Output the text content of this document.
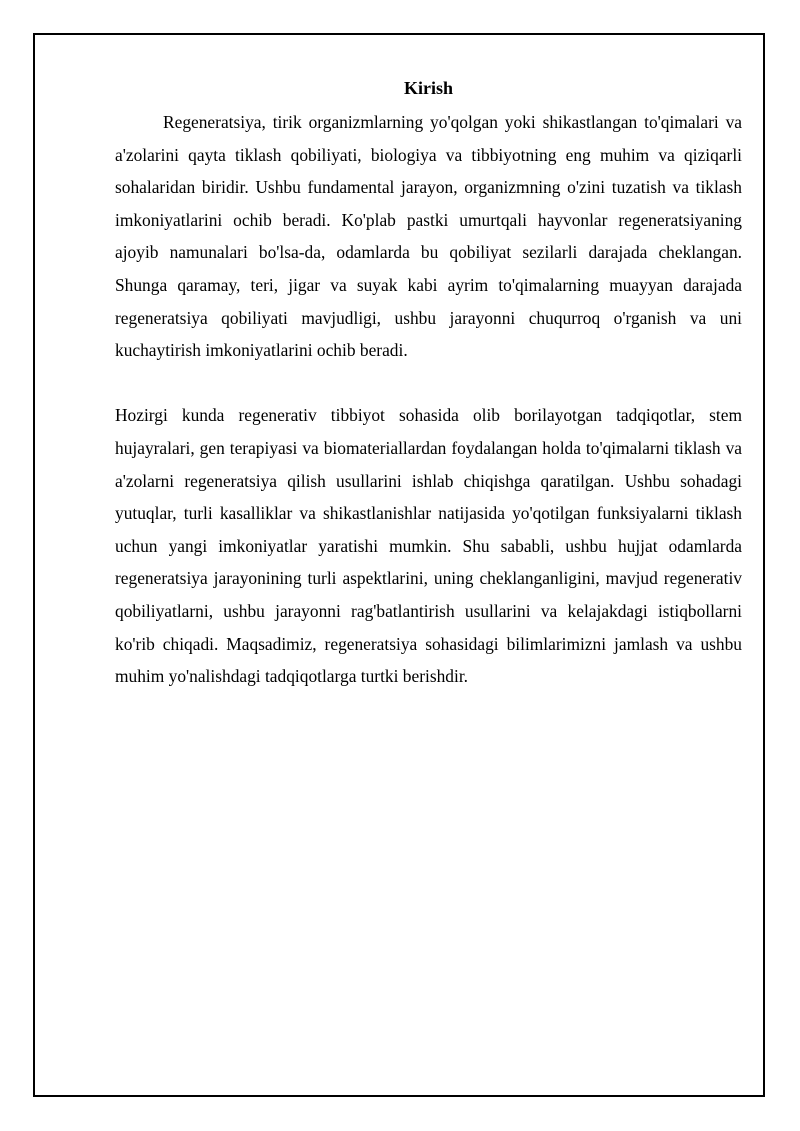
Kirish

Regeneratsiya, tirik organizmlarning yo'qolgan yoki shikastlangan to'qimalari va a'zolarini qayta tiklash qobiliyati, biologiya va tibbiyotning eng muhim va qiziqarli sohalaridan biridir. Ushbu fundamental jarayon, organizmning o'zini tuzatish va tiklash imkoniyatlarini ochib beradi. Ko'plab pastki umurtqali hayvonlar regeneratsiyaning ajoyib namunalari bo'lsa-da, odamlarda bu qobiliyat sezilarli darajada cheklangan. Shunga qaramay, teri, jigar va suyak kabi ayrim to'qimalarning muayyan darajada regeneratsiya qobiliyati mavjudligi, ushbu jarayonni chuqurroq o'rganish va uni kuchaytirish imkoniyatlarini ochib beradi.

Hozirgi kunda regenerativ tibbiyot sohasida olib borilayotgan tadqiqotlar, stem hujayralari, gen terapiyasi va biomateriallardan foydalangan holda to'qimalarni tiklash va a'zolarni regeneratsiya qilish usullarini ishlab chiqishga qaratilgan. Ushbu sohadagi yutuqlar, turli kasalliklar va shikastlanishlar natijasida yo'qotilgan funksiyalarni tiklash uchun yangi imkoniyatlar yaratishi mumkin. Shu sababli, ushbu hujjat odamlarda regeneratsiya jarayonining turli aspektlarini, uning cheklanganligini, mavjud regenerativ qobiliyatlarni, ushbu jarayonni rag'batlantirish usullarini va kelajakdagi istiqbollarni ko'rib chiqadi. Maqsadimiz, regeneratsiya sohasidagi bilimlarimizni jamlash va ushbu muhim yo'nalishdagi tadqiqotlarga turtki berishdir.
